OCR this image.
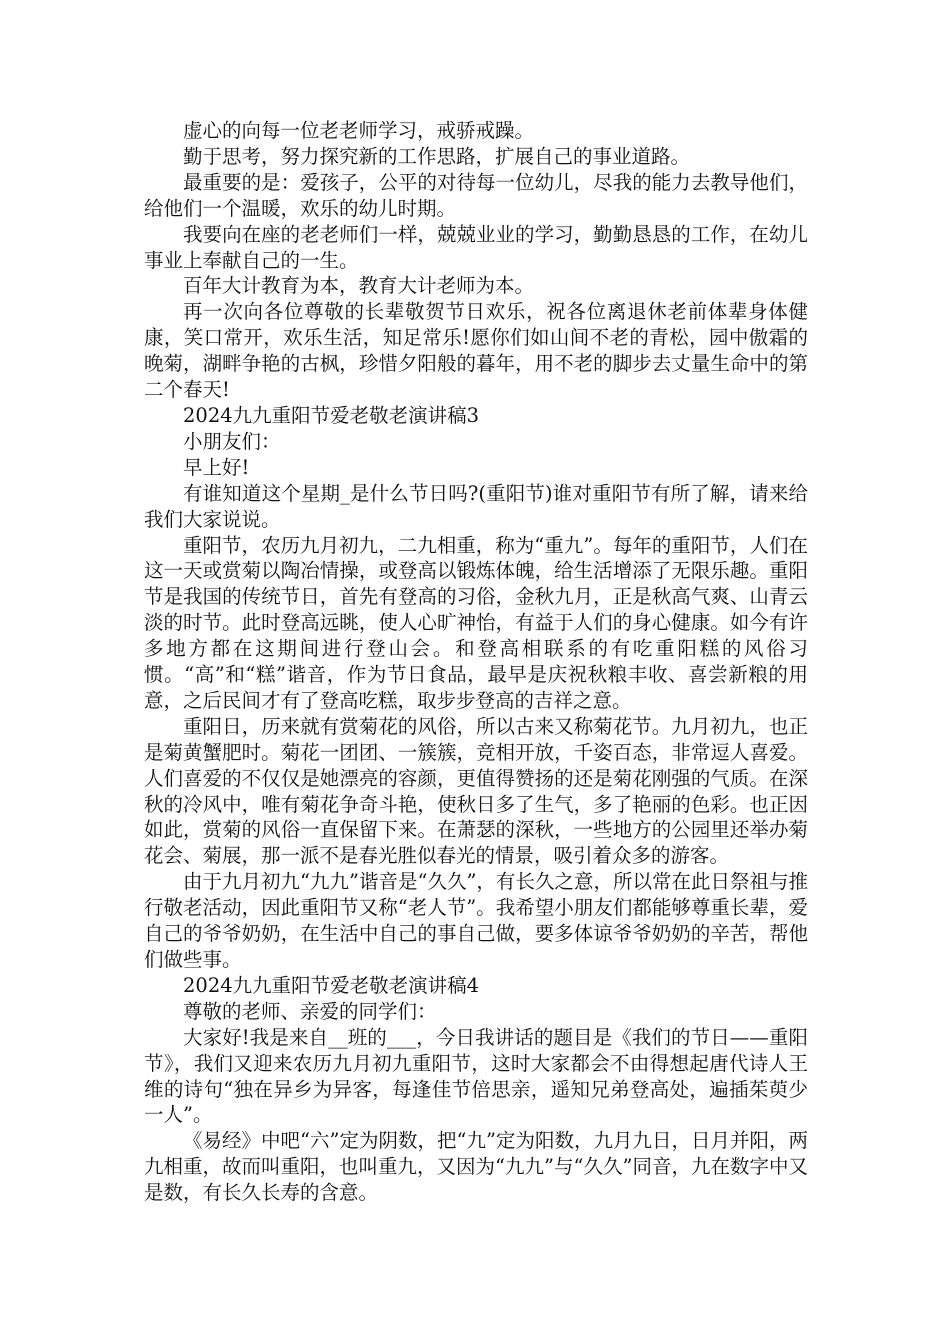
虚心的向每一位老老师学习，戒骄戒躁。

勤于思考，努力探究新的工作思路，扩展自己的事业道路。

最重要的是：爱孩子，公平的对待每一位幼儿，尽我的能力去教导他们，给他们一个温暖，欢乐的幼儿时期。

我要向在座的老老师们一样，兢兢业业的学习，勤勤恳恳的工作，在幼儿事业上奉献自己的一生。

百年大计教育为本，教育大计老师为本。

再一次向各位尊敬的长辈敬贺节日欢乐，祝各位离退休老前体辈身体健康，笑口常开，欢乐生活，知足常乐!愿你们如山间不老的青松，园中傲霜的晚菊，湖畔争艳的古枫，珍惜夕阳般的暮年，用不老的脚步去丈量生命中的第二个春天!

2024九九重阳节爱老敬老演讲稿3

小朋友们：

早上好!

有谁知道这个星期_是什么节日吗?(重阳节)谁对重阳节有所了解，请来给我们大家说说。

重阳节，农历九月初九，二九相重，称为“重九”。每年的重阳节，人们在这一天或赏菊以陶冶情操，或登高以锻炼体魄，给生活增添了无限乐趣。重阳节是我国的传统节日，首先有登高的习俗，金秋九月，正是秋高气爽、山青云淡的时节。此时登高远眺，使人心旷神怡，有益于人们的身心健康。如今有许多地方都在这期间进行登山会。和登高相联系的有吃重阳糕的风俗习惯。“高”和“糕”谐音，作为节日食品，最早是庆祝秋粮丰收、喜尝新粮的用意，之后民间才有了登高吃糕，取步步登高的吉祥之意。

重阳日，历来就有赏菊花的风俗，所以古来又称菊花节。九月初九，也正是菊黄蟹肥时。菊花一团团、一簇簇，竞相开放，千姿百态，非常逗人喜爱。人们喜爱的不仅仅是她漂亮的容颜，更值得赞扬的还是菊花刚强的气质。在深秋的冷风中，唯有菊花争奇斗艳，使秋日多了生气，多了艳丽的色彩。也正因如此，赏菊的风俗一直保留下来。在萧瑟的深秋，一些地方的公园里还举办菊花会、菊展，那一派不是春光胜似春光的情景，吸引着众多的游客。

由于九月初九“九九”谐音是“久久”，有长久之意，所以常在此日祭祖与推行敬老活动，因此重阳节又称“老人节”。我希望小朋友们都能够尊重长辈，爱自己的爷爷奶奶，在生活中自己的事自己做，要多体谅爷爷奶奶的辛苦，帮他们做些事。

2024九九重阳节爱老敬老演讲稿4

尊敬的老师、亲爱的同学们：

大家好!我是来自__班的___，今日我讲话的题目是《我们的节日——重阳节》，我们又迎来农历九月初九重阳节，这时大家都会不由得想起唐代诗人王维的诗句“独在异乡为异客，每逢佳节倍思亲，遥知兄弟登高处，遍插茱萸少一人”。

《易经》中吧“六”定为阴数，把“九”定为阳数，九月九日，日月并阳，两九相重，故而叫重阳，也叫重九，又因为“九九”与“久久”同音，九在数字中又是数，有长久长寿的含意。
